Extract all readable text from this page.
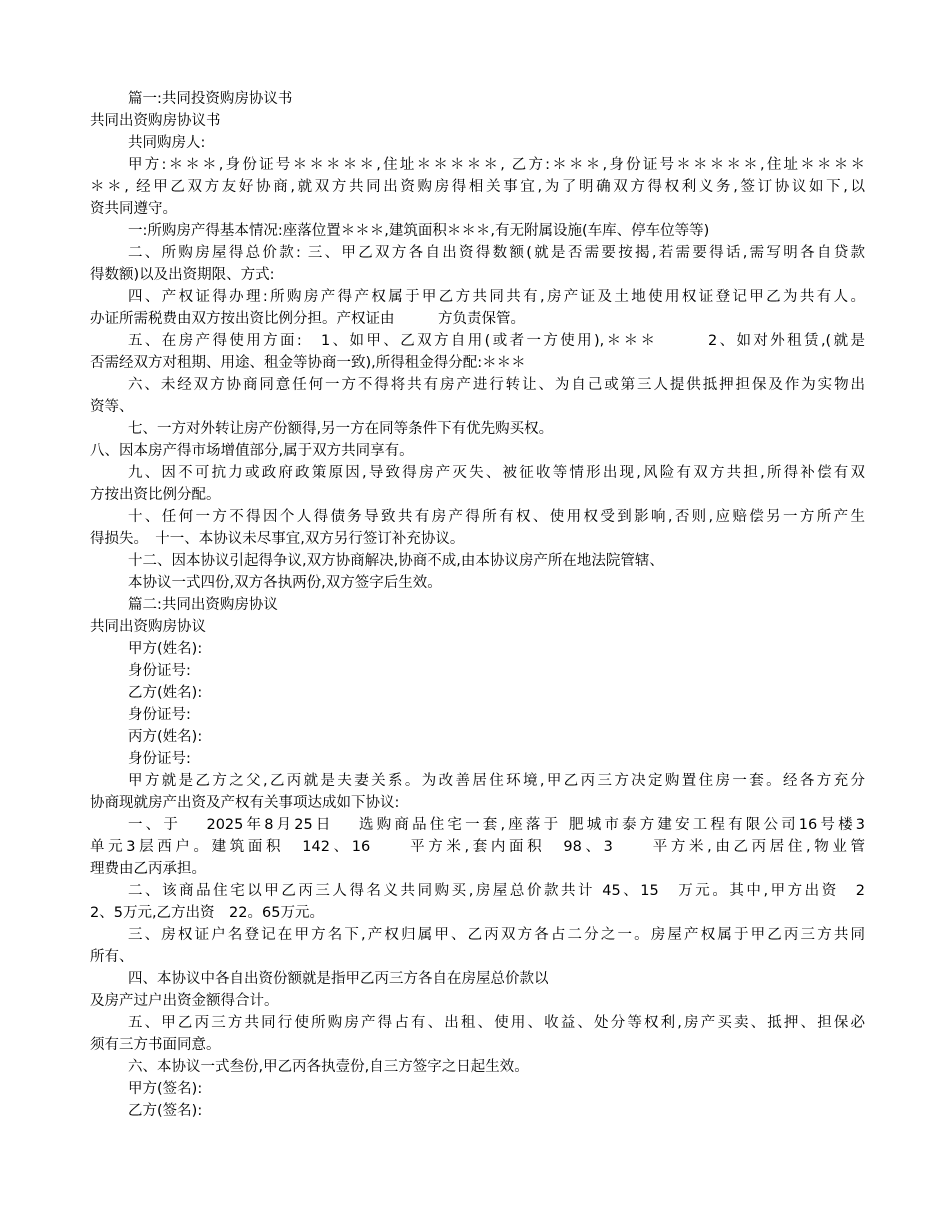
篇一:共同投资购房协议书
共同出资购房协议书
共同购房人:
甲方:＊＊＊,身份证号＊＊＊＊＊,住址＊＊＊＊＊, 乙方:＊＊＊,身份证号＊＊＊＊＊,住址＊＊＊＊
＊＊, 经甲乙双方友好协商,就双方共同出资购房得相关事宜,为了明确双方得权利义务,签订协议如下,以
资共同遵守。
一:所购房产得基本情况:座落位置＊＊＊,建筑面积＊＊＊,有无附属设施(车库、停车位等等)
二、所购房屋得总价款: 三、甲乙双方各自出资得数额(就是否需要按揭,若需要得话,需写明各自贷款
得数额)以及出资期限、方式:
四、产权证得办理:所购房产得产权属于甲乙方共同共有,房产证及土地使用权证登记甲乙为共有人。
办证所需税费由双方按出资比例分担。产权证由　　　方负责保管。
五、在房产得使用方面:　1、如甲、乙双方自用(或者一方使用),＊＊＊　　　2、如对外租赁,(就是
否需经双方对租期、用途、租金等协商一致),所得租金得分配:＊＊＊
六、未经双方协商同意任何一方不得将共有房产进行转让、为自己或第三人提供抵押担保及作为实物出
资等、
七、一方对外转让房产份额得,另一方在同等条件下有优先购买权。
八、因本房产得市场增值部分,属于双方共同享有。
九、因不可抗力或政府政策原因,导致得房产灭失、被征收等情形出现,风险有双方共担,所得补偿有双
方按出资比例分配。
十、任何一方不得因个人得债务导致共有房产得所有权、使用权受到影响,否则,应赔偿另一方所产生
得损失。　十一、本协议未尽事宜,双方另行签订补充协议。
十二、因本协议引起得争议,双方协商解决,协商不成,由本协议房产所在地法院管辖、
本协议一式四份,双方各执两份,双方签字后生效。
篇二:共同出资购房协议
共同出资购房协议
甲方(姓名):
身份证号:
乙方(姓名):
身份证号:
丙方(姓名):
身份证号:
甲方就是乙方之父,乙丙就是夫妻关系。为改善居住环境,甲乙丙三方决定购置住房一套。经各方充分
协商现就房产出资及产权有关事项达成如下协议:
一、于　 2025年8月25日　 选购商品住宅一套,座落于 肥城市泰方建安工程有限公司16号楼3
单元3层西户。建筑面积　142、16　　平方米,套内面积　98、3　　平方米,由乙丙居住,物业管
理费由乙丙承担。
二、该商品住宅以甲乙丙三人得名义共同购买,房屋总价款共计 45、15　万元。其中,甲方出资　2
2、5万元,乙方出资　22。65万元。
三、房权证户名登记在甲方名下,产权归属甲、乙丙双方各占二分之一。房屋产权属于甲乙丙三方共同
所有、
四、本协议中各自出资份额就是指甲乙丙三方各自在房屋总价款以
及房产过户出资金额得合计。
五、甲乙丙三方共同行使所购房产得占有、出租、使用、收益、处分等权利,房产买卖、抵押、担保必
须有三方书面同意。
六、本协议一式叁份,甲乙丙各执壹份,自三方签字之日起生效。
甲方(签名):
乙方(签名):
